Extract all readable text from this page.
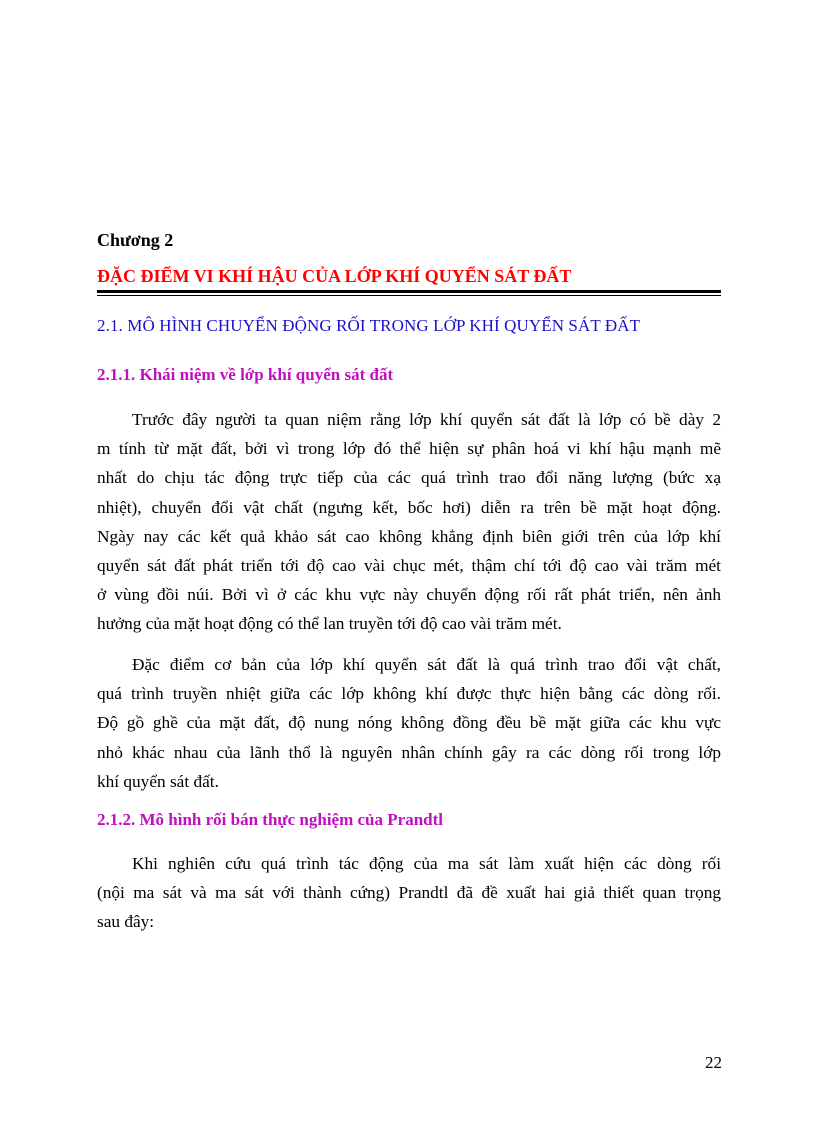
Chương 2
ĐẶC ĐIỂM VI KHÍ HẬU CỦA LỚP KHÍ QUYỂN SÁT ĐẤT
2.1. MÔ HÌNH CHUYỂN ĐỘNG RỐI TRONG LỚP KHÍ QUYỂN SÁT ĐẤT
2.1.1. Khái niệm về lớp khí quyển sát đất
Trước đây người ta quan niệm rằng lớp khí quyển sát đất là lớp có bề dày 2
m tính từ mặt đất, bởi vì trong lớp đó thể hiện sự phân hoá vi khí hậu mạnh mẽ
nhất do chịu tác động trực tiếp của các quá trình trao đổi năng lượng (bức xạ
nhiệt), chuyển đổi vật chất (ngưng kết, bốc hơi) diễn ra trên bề mặt hoạt động.
Ngày nay các kết quả khảo sát cao không khẳng định biên giới trên của lớp khí
quyển sát đất phát triển tới độ cao vài chục mét, thậm chí tới độ cao vài trăm mét
ở vùng đồi núi. Bởi vì ở các khu vực này chuyển động rối rất phát triển, nên ảnh
hưởng của mặt hoạt động có thể lan truyền tới độ cao vài trăm mét.
Đặc điểm cơ bản của lớp khí quyển sát đất là quá trình trao đổi vật chất,
quá trình truyền nhiệt giữa các lớp không khí được thực hiện bằng các dòng rối.
Độ gồ ghề của mặt đất, độ nung nóng không đồng đều bề mặt giữa các khu vực
nhỏ khác nhau của lãnh thổ là nguyên nhân chính gây ra các dòng rối trong lớp
khí quyển sát đất.
2.1.2. Mô hình rối bán thực nghiệm của Prandtl
Khi nghiên cứu quá trình tác động của ma sát làm xuất hiện các dòng rối
(nội ma sát và ma sát với thành cứng) Prandtl đã đề xuất hai giả thiết quan trọng
sau đây:
22
